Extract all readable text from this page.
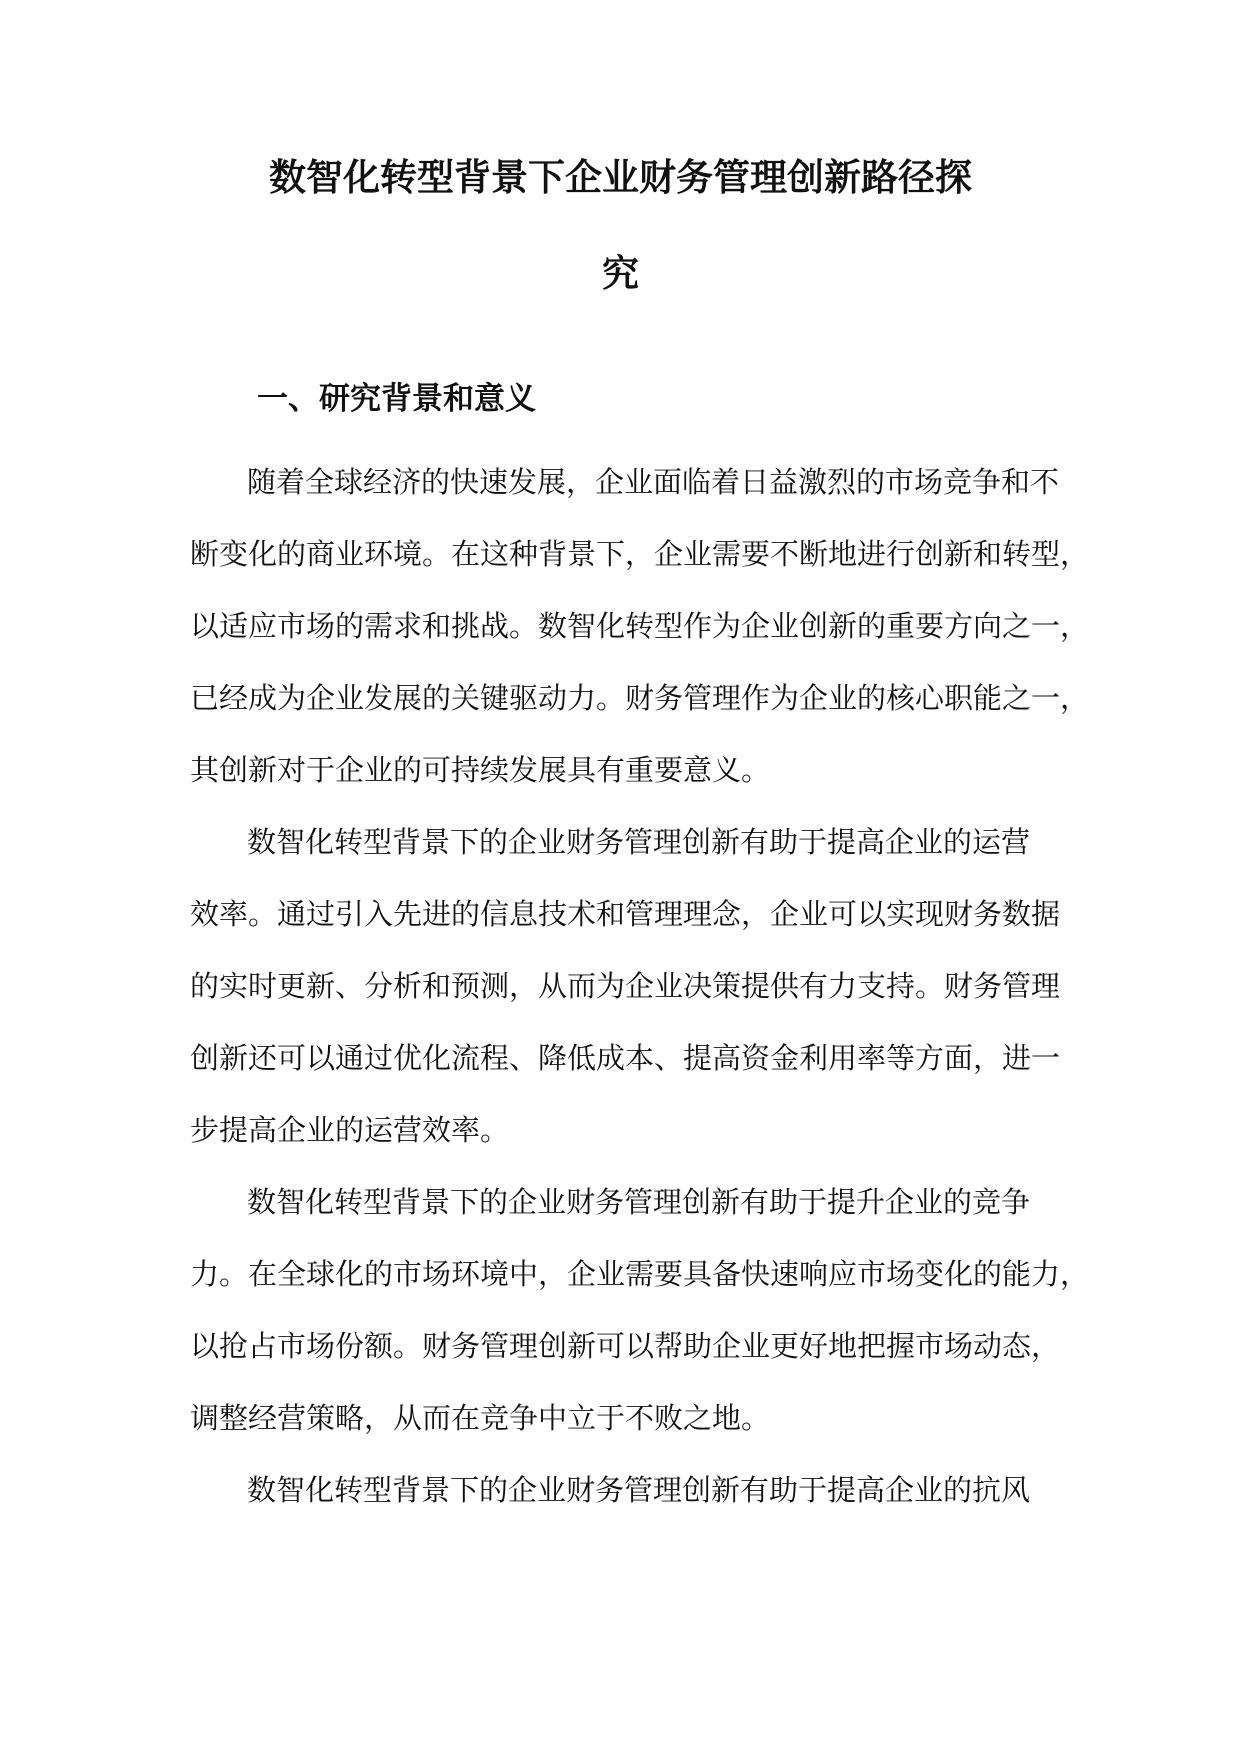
数智化转型背景下企业财务管理创新路径探
究
一、研究背景和意义
随着全球经济的快速发展，企业面临着日益激烈的市场竞争和不
断变化的商业环境。在这种背景下，企业需要不断地进行创新和转型，
以适应市场的需求和挑战。数智化转型作为企业创新的重要方向之一，
已经成为企业发展的关键驱动力。财务管理作为企业的核心职能之一，
其创新对于企业的可持续发展具有重要意义。
数智化转型背景下的企业财务管理创新有助于提高企业的运营
效率。通过引入先进的信息技术和管理理念，企业可以实现财务数据
的实时更新、分析和预测，从而为企业决策提供有力支持。财务管理
创新还可以通过优化流程、降低成本、提高资金利用率等方面，进一
步提高企业的运营效率。
数智化转型背景下的企业财务管理创新有助于提升企业的竞争
力。在全球化的市场环境中，企业需要具备快速响应市场变化的能力，
以抢占市场份额。财务管理创新可以帮助企业更好地把握市场动态，
调整经营策略，从而在竞争中立于不败之地。
数智化转型背景下的企业财务管理创新有助于提高企业的抗风
